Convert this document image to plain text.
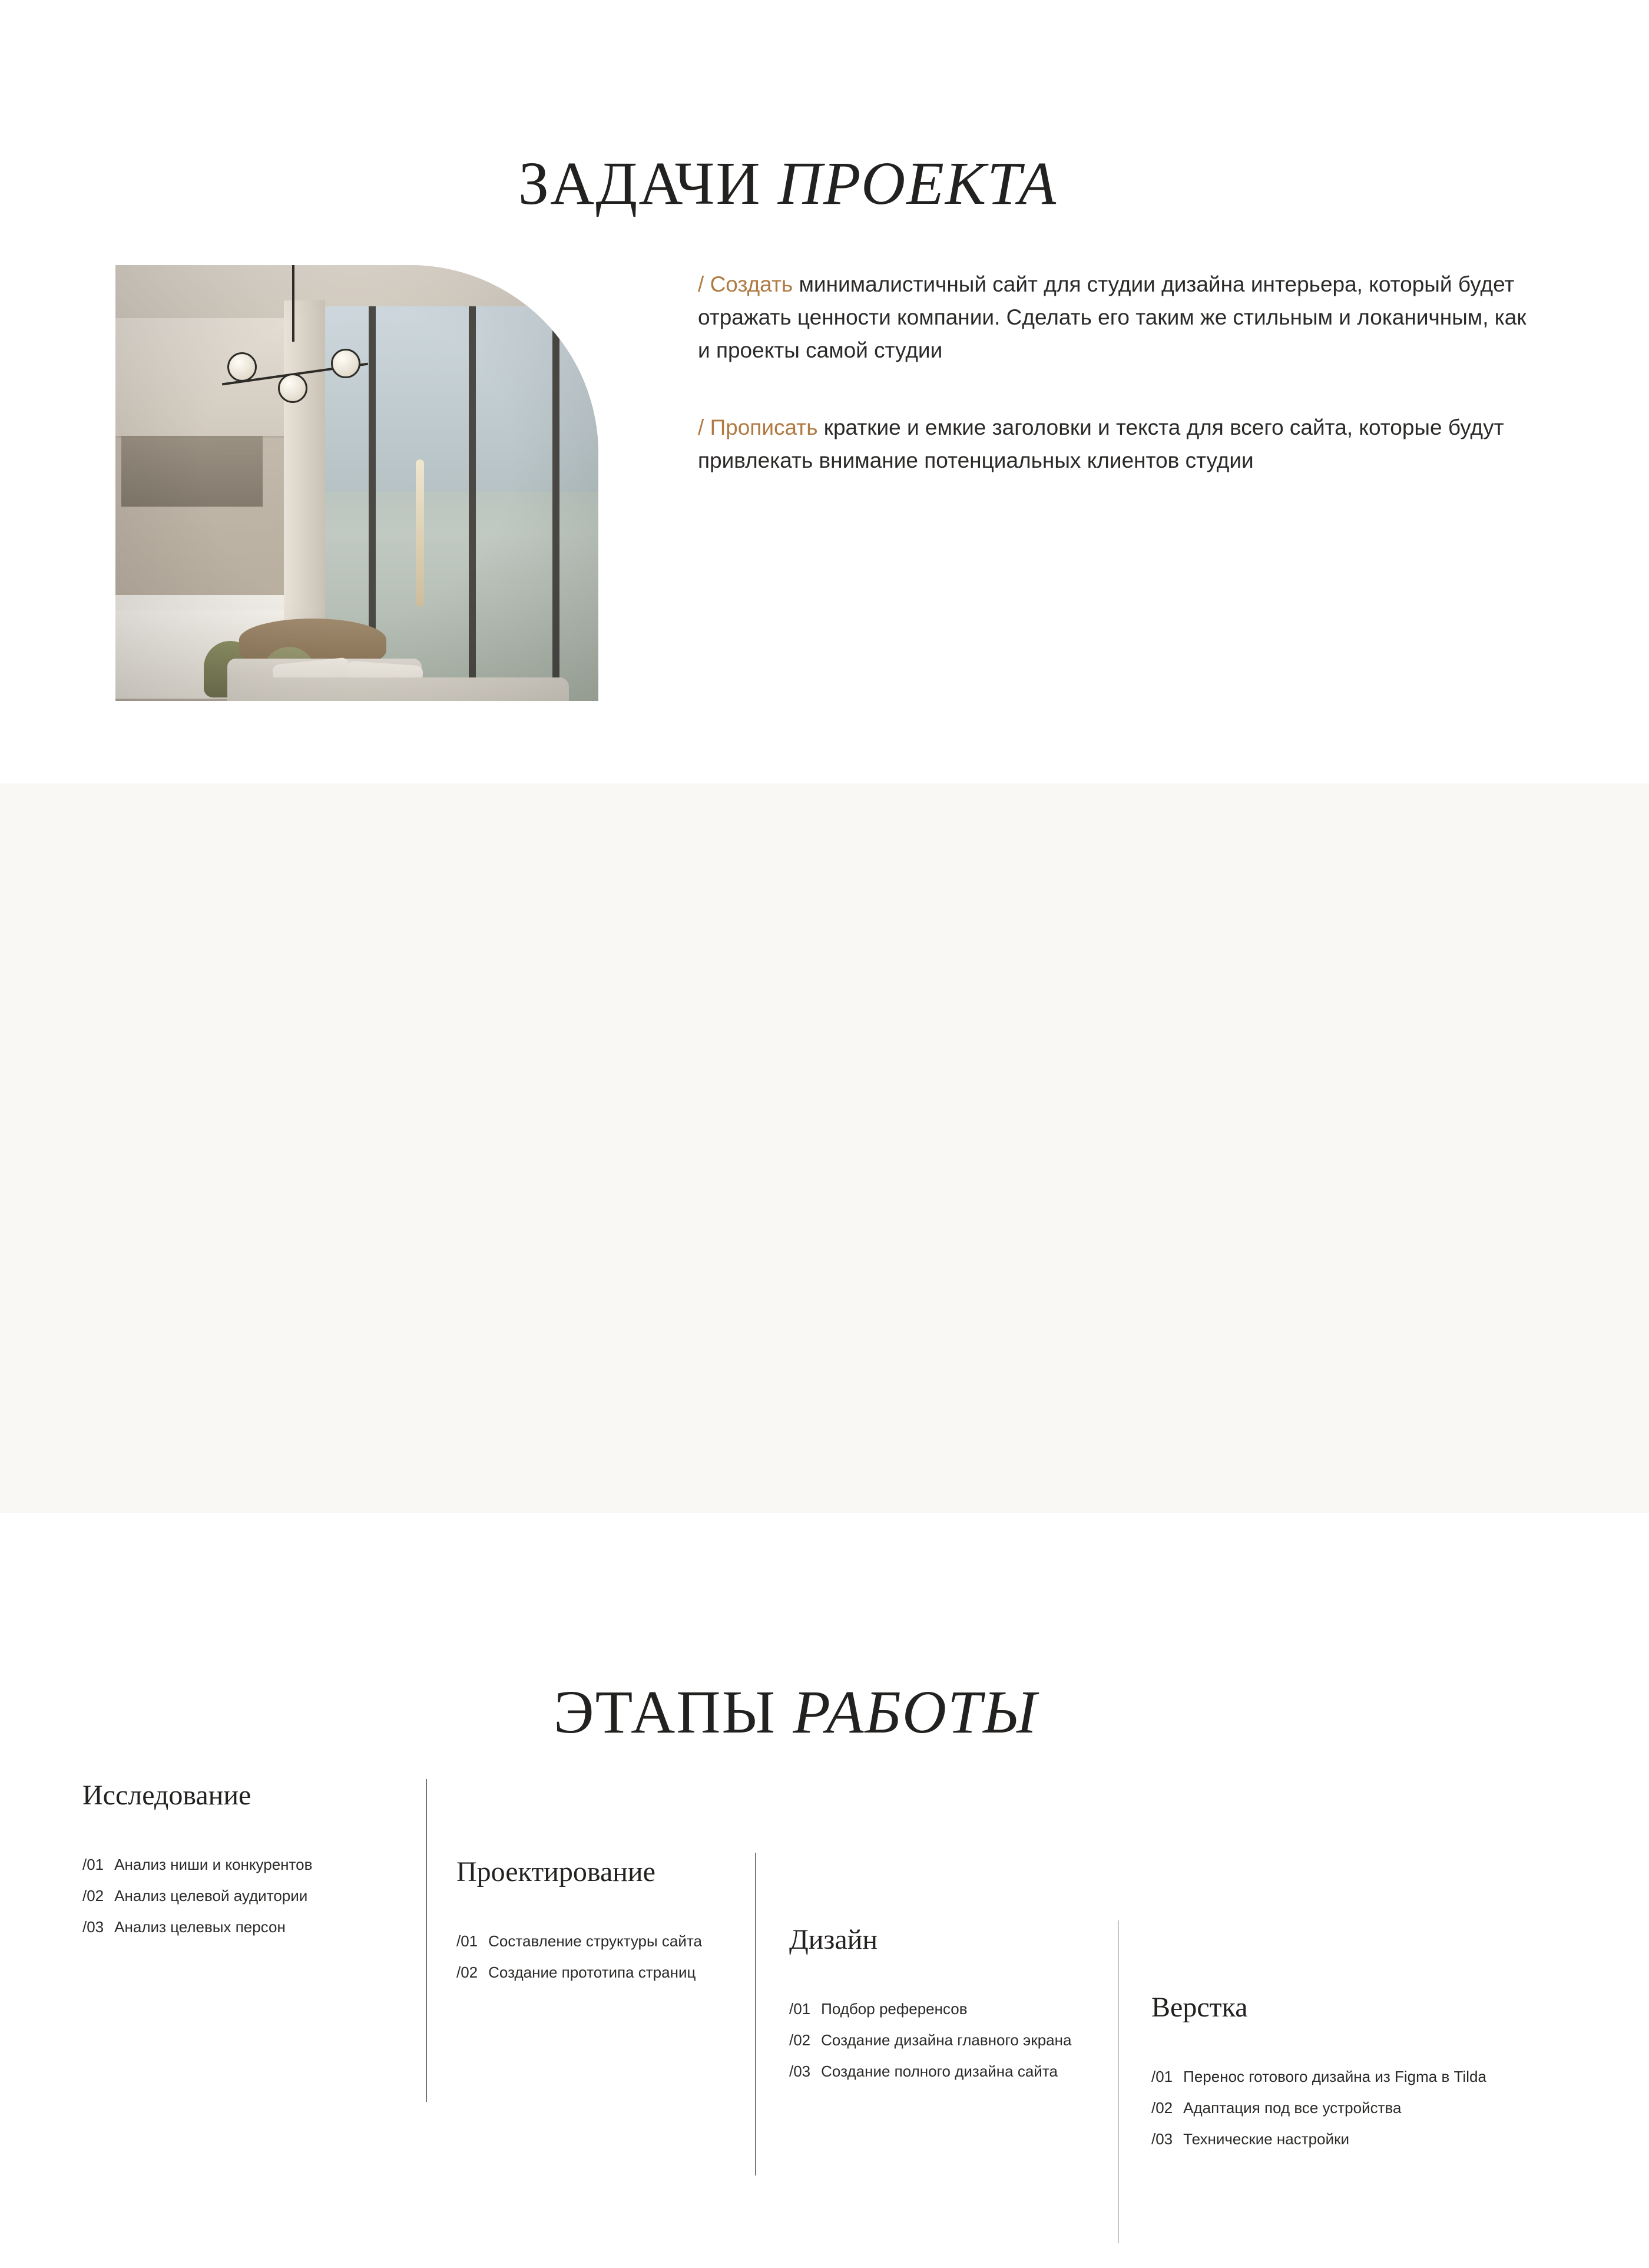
ЗАДАЧИ ПРОЕКТА

/ Создать минималистичный сайт для студии дизайна интерьера, который будет отражать ценности компании. Сделать его таким же стильным и локаничным, как и проекты самой студии

/ Прописать краткие и емкие заголовки и текста для всего сайта, которые будут привлекать внимание потенциальных клиентов студии

ЭТАПЫ РАБОТЫ
Исследование
/01 Анализ ниши и конкурентов
/02 Анализ целевой аудитории
/03 Анализ целевых персон
Проектирование
/01 Составление структуры сайта
/02 Создание прототипа страниц
Дизайн
/01 Подбор референсов
/02 Создание дизайна главного экрана
/03 Создание полного дизайна сайта
Верстка
/01 Перенос готового дизайна из Figma в Tilda
/02 Адаптация под все устройства
/03 Технические настройки
